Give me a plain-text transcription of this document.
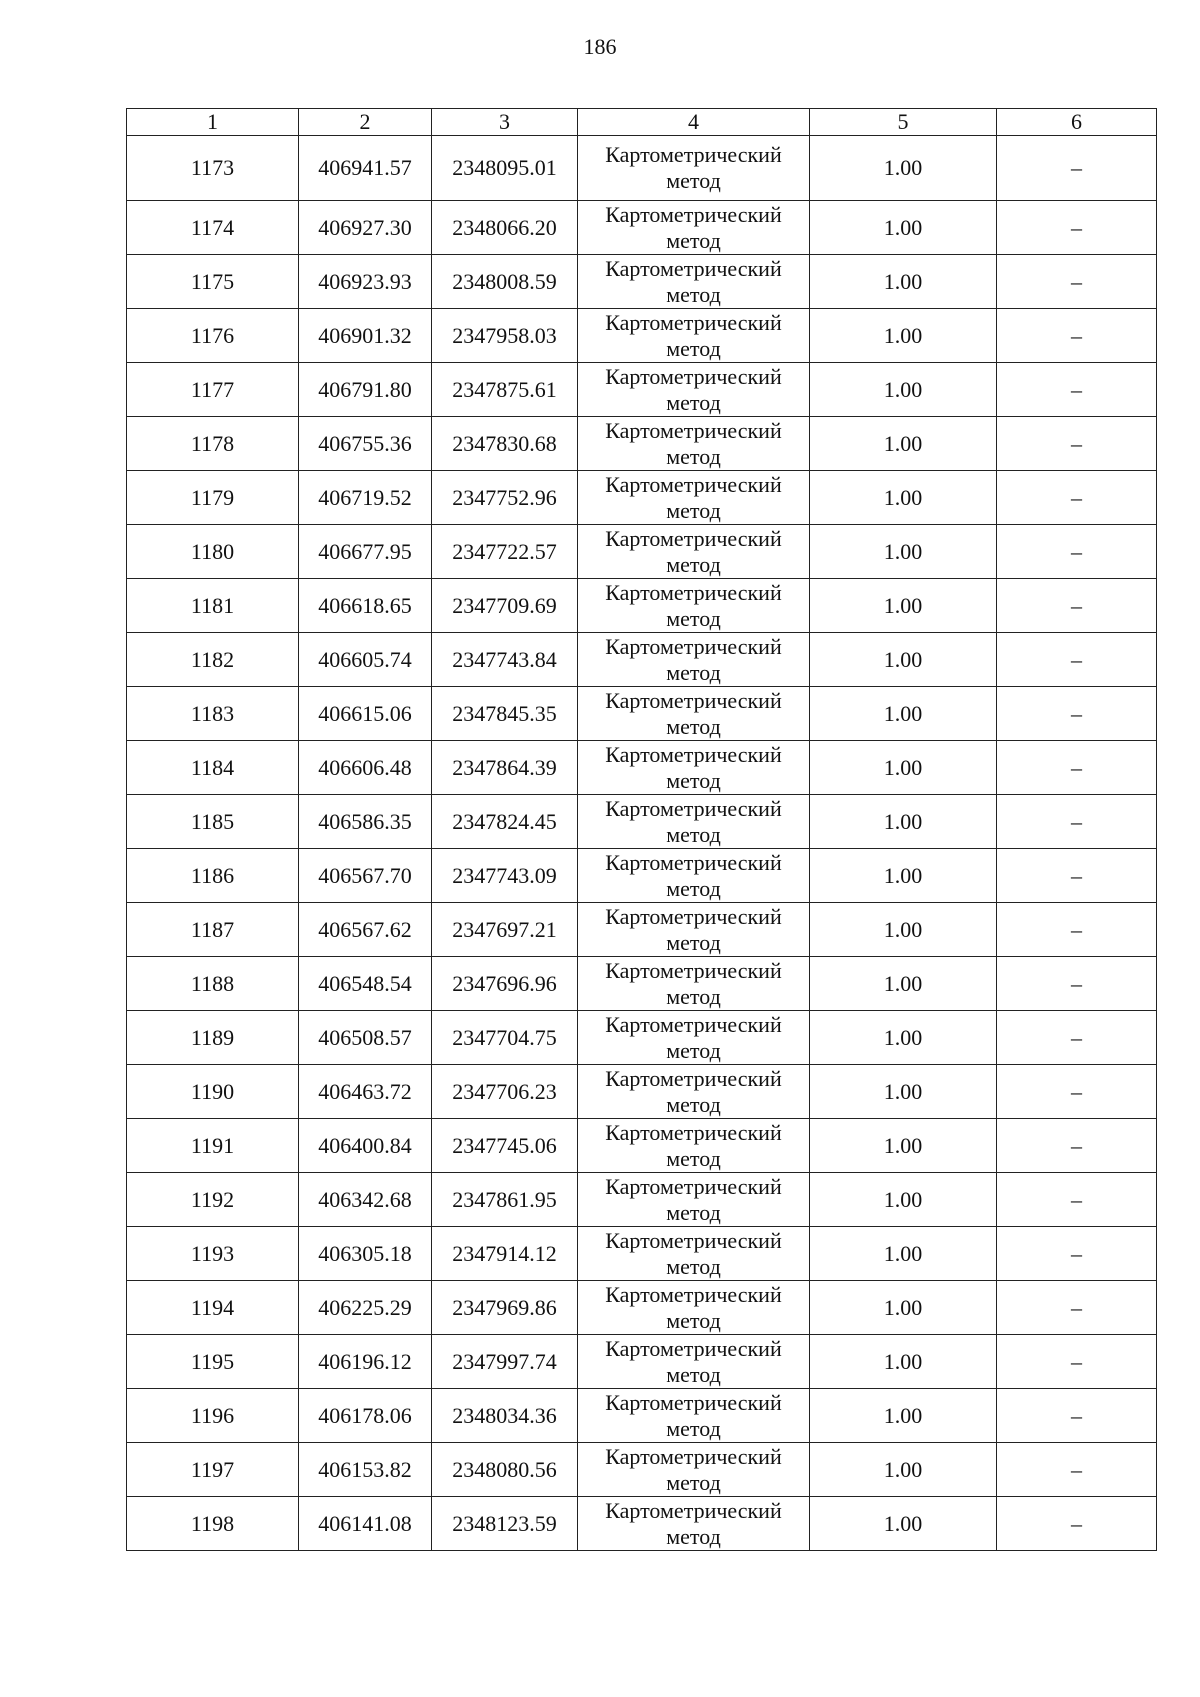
186
1	2	3	4	5	6
1173	406941.57	2348095.01	Картометрический метод	1.00	–
1174	406927.30	2348066.20	Картометрический метод	1.00	–
1175	406923.93	2348008.59	Картометрический метод	1.00	–
1176	406901.32	2347958.03	Картометрический метод	1.00	–
1177	406791.80	2347875.61	Картометрический метод	1.00	–
1178	406755.36	2347830.68	Картометрический метод	1.00	–
1179	406719.52	2347752.96	Картометрический метод	1.00	–
1180	406677.95	2347722.57	Картометрический метод	1.00	–
1181	406618.65	2347709.69	Картометрический метод	1.00	–
1182	406605.74	2347743.84	Картометрический метод	1.00	–
1183	406615.06	2347845.35	Картометрический метод	1.00	–
1184	406606.48	2347864.39	Картометрический метод	1.00	–
1185	406586.35	2347824.45	Картометрический метод	1.00	–
1186	406567.70	2347743.09	Картометрический метод	1.00	–
1187	406567.62	2347697.21	Картометрический метод	1.00	–
1188	406548.54	2347696.96	Картометрический метод	1.00	–
1189	406508.57	2347704.75	Картометрический метод	1.00	–
1190	406463.72	2347706.23	Картометрический метод	1.00	–
1191	406400.84	2347745.06	Картометрический метод	1.00	–
1192	406342.68	2347861.95	Картометрический метод	1.00	–
1193	406305.18	2347914.12	Картометрический метод	1.00	–
1194	406225.29	2347969.86	Картометрический метод	1.00	–
1195	406196.12	2347997.74	Картометрический метод	1.00	–
1196	406178.06	2348034.36	Картометрический метод	1.00	–
1197	406153.82	2348080.56	Картометрический метод	1.00	–
1198	406141.08	2348123.59	Картометрический метод	1.00	–
